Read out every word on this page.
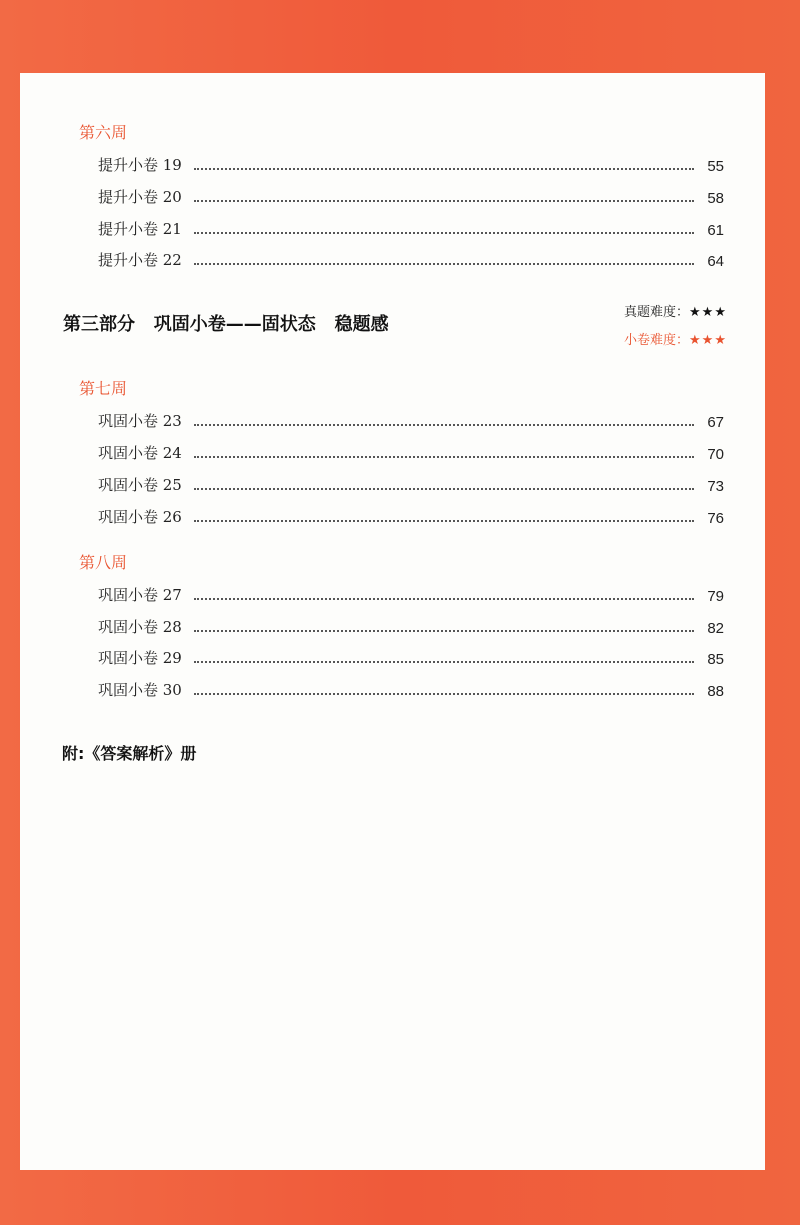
第六周
提升小卷 19	55
提升小卷 20	58
提升小卷 21	61
提升小卷 22	64
第三部分   巩固小卷——固状态   稳题感
真题难度：★★★
小卷难度：★★★
第七周
巩固小卷 23	67
巩固小卷 24	70
巩固小卷 25	73
巩固小卷 26	76
第八周
巩固小卷 27	79
巩固小卷 28	82
巩固小卷 29	85
巩固小卷 30	88
附:《答案解析》册
